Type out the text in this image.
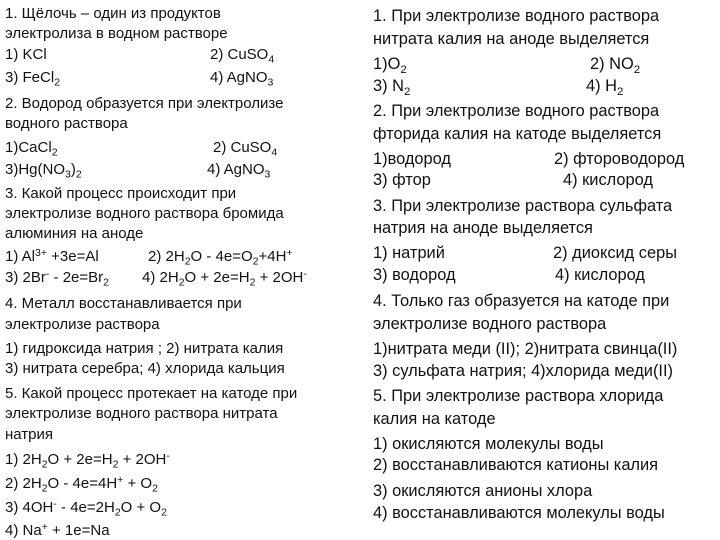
1. Щёлочь – один из продуктов
электролиза в водном растворе
1) KCl	2) CuSO$_4$
3) FeCl$_2$	4) AgNO$_3$
2. Водород образуется при электролизе
водного раствора
1)CaCl$_2$	2) CuSO$_4$
$3)Hg(NO_3)_2$	4) AgNO$_3$
3. Какой процесс происходит при
электролизе водного раствора бромида
алюминия на аноде
1) $Al^{3+} +3e=Al$	2) $2H_2O - 4e=O_2+4H^+$
3) $2Br^- - 2e=Br_2$ 4) $2H_2O + 2e=H_2 + 2OH^-$
4. Металл восстанавливается при
электролизе раствора
1) гидроксида натрия ; 2) нитрата калия
3) нитрата серебра; 4) хлорида кальция
5. Какой процесс протекает на катоде при
электролизе водного раствора нитрата
натрия
1) $2H_2O + 2e=H_2 + 2OH^-$
2) $2H_2O - 4e=4H^+ + O_2$
3) $4OH^- - 4e=2H_2O + O_2$
4) Na+ + 1e=Na
1. При электролизе водного раствора
нитрата калия на аноде выделяется
$1)O_2$	2) $NO_2$
3) $N_2$	4) $H_2$
2. При электролизе водного раствора
фторида калия на катоде выделяется
1)водород	2) фтороводород
3) фтор	4) кислород
3. При электролизе раствора сульфата
натрия на аноде выделяется
1) натрий	2) диоксид серы
3) водород	4) кислород
4. Только газ образуется на катоде при
электролизе водного раствора
1)нитрата меди (II); 2)нитрата свинца(II)
3) сульфата натрия; 4)хлорида меди(II)
5. При электролизе раствора хлорида
калия на катоде
1) окисляются молекулы воды
2) восстанавливаются катионы калия
3) окисляются анионы хлора
4) восстанавливаются молекулы воды
